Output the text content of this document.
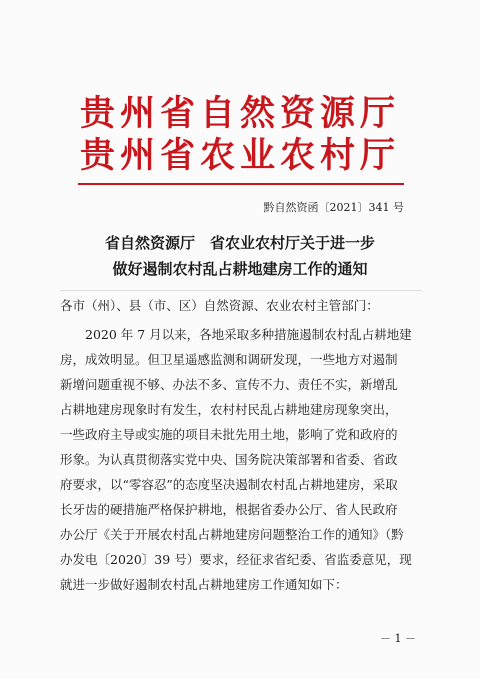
贵州省自然资源厅
贵州省农业农村厅
黔自然资函〔2021〕341 号
省自然资源厅　省农业农村厅关于进一步
做好遏制农村乱占耕地建房工作的通知
各市（州）、县（市、区）自然资源、农业农村主管部门：
2020 年 7 月以来，各地采取多种措施遏制农村乱占耕地建
房，成效明显。但卫星遥感监测和调研发现，一些地方对遏制
新增问题重视不够、办法不多、宣传不力、责任不实，新增乱
占耕地建房现象时有发生，农村村民乱占耕地建房现象突出，
一些政府主导或实施的项目未批先用土地，影响了党和政府的
形象。为认真贯彻落实党中央、国务院决策部署和省委、省政
府要求，以“零容忍”的态度坚决遏制农村乱占耕地建房，采取
长牙齿的硬措施严格保护耕地，根据省委办公厅、省人民政府
办公厅《关于开展农村乱占耕地建房问题整治工作的通知》（黔
办发电〔2020〕39 号）要求，经征求省纪委、省监委意见，现
就进一步做好遏制农村乱占耕地建房工作通知如下：
－ 1 －
